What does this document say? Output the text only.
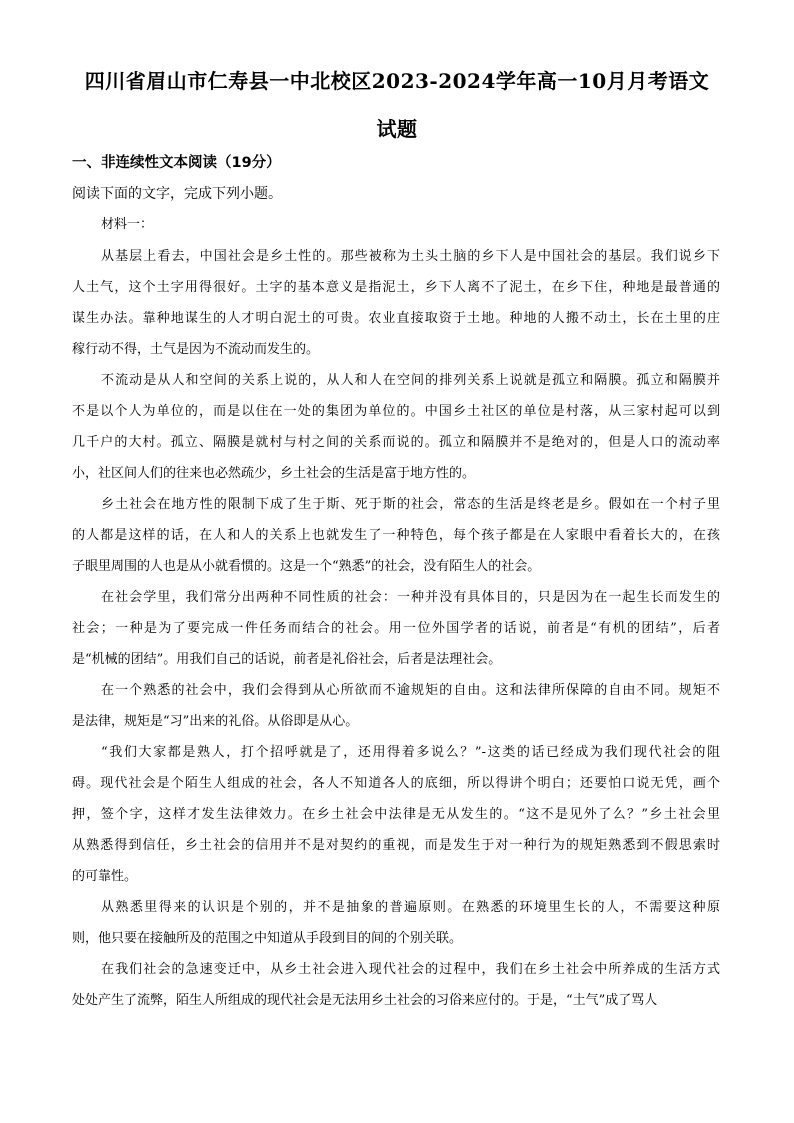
四川省眉山市仁寿县一中北校区2023-2024学年高一10月月考语文
试题
一、非连续性文本阅读（19分）
阅读下面的文字，完成下列小题。
材料一：
从基层上看去，中国社会是乡土性的。那些被称为土头土脑的乡下人是中国社会的基层。我们说乡下
人土气，这个土字用得很好。土字的基本意义是指泥土，乡下人离不了泥土，在乡下住，种地是最普通的
谋生办法。靠种地谋生的人才明白泥土的可贵。农业直接取资于土地。种地的人搬不动土，长在土里的庄
稼行动不得，土气是因为不流动而发生的。
不流动是从人和空间的关系上说的，从人和人在空间的排列关系上说就是孤立和隔膜。孤立和隔膜并
不是以个人为单位的，而是以住在一处的集团为单位的。中国乡土社区的单位是村落，从三家村起可以到
几千户的大村。孤立、隔膜是就村与村之间的关系而说的。孤立和隔膜并不是绝对的，但是人口的流动率
小，社区间人们的往来也必然疏少，乡土社会的生活是富于地方性的。
乡土社会在地方性的限制下成了生于斯、死于斯的社会，常态的生活是终老是乡。假如在一个村子里
的人都是这样的话，在人和人的关系上也就发生了一种特色，每个孩子都是在人家眼中看着长大的，在孩
子眼里周围的人也是从小就看惯的。这是一个“熟悉”的社会，没有陌生人的社会。
在社会学里，我们常分出两种不同性质的社会：一种并没有具体目的，只是因为在一起生长而发生的
社会；一种是为了要完成一件任务而结合的社会。用一位外国学者的话说，前者是“有机的团结”，后者
是“机械的团结”。用我们自己的话说，前者是礼俗社会，后者是法理社会。
在一个熟悉的社会中，我们会得到从心所欲而不逾规矩的自由。这和法律所保障的自由不同。规矩不
是法律，规矩是“习”出来的礼俗。从俗即是从心。
“我们大家都是熟人，打个招呼就是了，还用得着多说么？”-这类的话已经成为我们现代社会的阻
碍。现代社会是个陌生人组成的社会，各人不知道各人的底细，所以得讲个明白；还要怕口说无凭，画个
押，签个字，这样才发生法律效力。在乡土社会中法律是无从发生的。“这不是见外了么？”乡土社会里
从熟悉得到信任，乡土社会的信用并不是对契约的重视，而是发生于对一种行为的规矩熟悉到不假思索时
的可靠性。
从熟悉里得来的认识是个别的，并不是抽象的普遍原则。在熟悉的环境里生长的人，不需要这种原
则，他只要在接触所及的范围之中知道从手段到目的间的个别关联。
在我们社会的急速变迁中，从乡土社会进入现代社会的过程中，我们在乡土社会中所养成的生活方式
处处产生了流弊，陌生人所组成的现代社会是无法用乡土社会的习俗来应付的。于是，“土气”成了骂人
